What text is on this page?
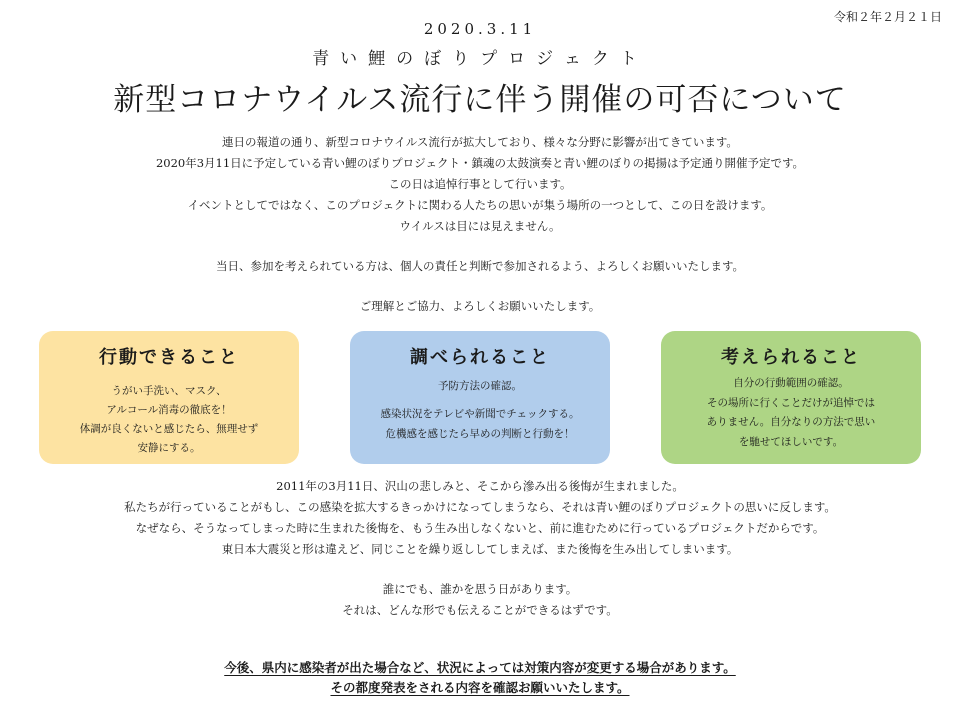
令和２年２月２１日
2020.3.11
青い鯉のぼりプロジェクト
新型コロナウイルス流行に伴う開催の可否について
連日の報道の通り、新型コロナウイルス流行が拡大しており、様々な分野に影響が出てきています。
2020年3月11日に予定している青い鯉のぼりプロジェクト・鎮魂の太鼓演奏と青い鯉のぼりの掲揚は予定通り開催予定です。
この日は追悼行事として行います。
イベントとしてではなく、このプロジェクトに関わる人たちの思いが集う場所の一つとして、この日を設けます。
ウイルスは目には見えません。
当日、参加を考えられている方は、個人の責任と判断で参加されるよう、よろしくお願いいたします。
ご理解とご協力、よろしくお願いいたします。
行動できること
うがい手洗い、マスク、
アルコール消毒の徹底を！
体調が良くないと感じたら、無理せず
安静にする。
調べられること
予防方法の確認。
感染状況をテレビや新聞でチェックする。
危機感を感じたら早めの判断と行動を！
考えられること
自分の行動範囲の確認。
その場所に行くことだけが追悼では
ありません。自分なりの方法で思い
を馳せてほしいです。
2011年の3月11日、沢山の悲しみと、そこから滲み出る後悔が生まれました。
私たちが行っていることがもし、この感染を拡大するきっかけになってしまうなら、それは青い鯉のぼりプロジェクトの思いに反します。
なぜなら、そうなってしまった時に生まれた後悔を、もう生み出しなくないと、前に進むために行っているプロジェクトだからです。
東日本大震災と形は違えど、同じことを繰り返ししてしまえば、また後悔を生み出してしまいます。
誰にでも、誰かを思う日があります。
それは、どんな形でも伝えることができるはずです。
今後、県内に感染者が出た場合など、状況によっては対策内容が変更する場合があります。
その都度発表をされる内容を確認お願いいたします。
